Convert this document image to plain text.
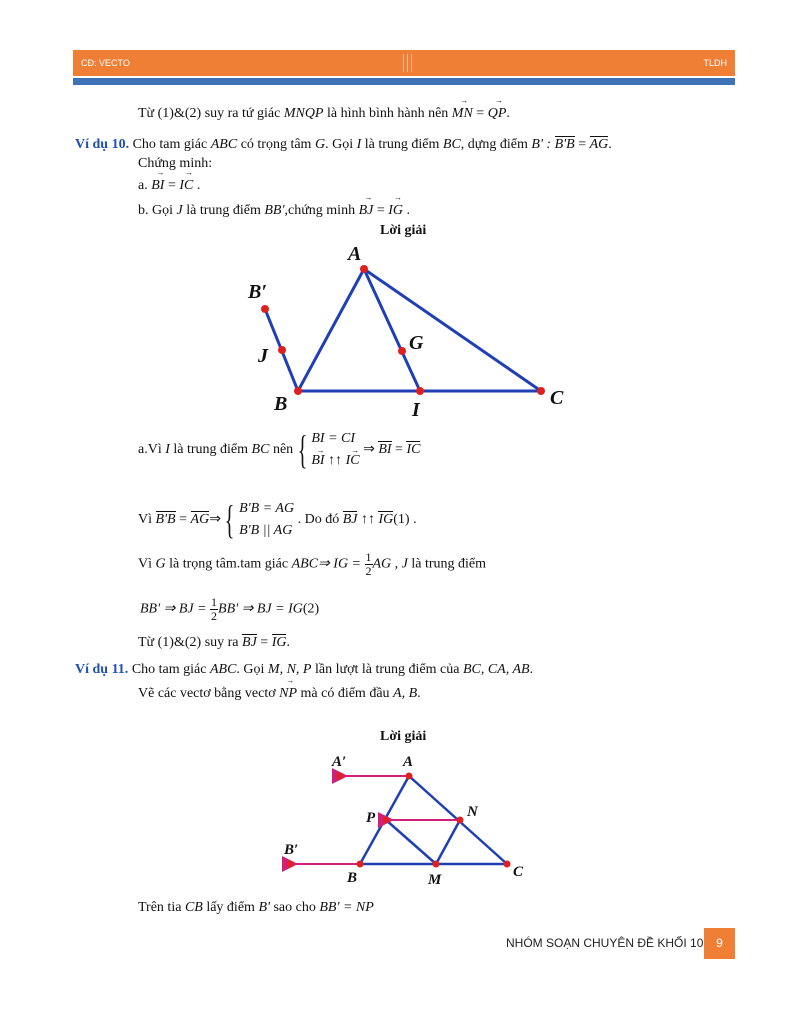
CĐ: VECTO	TLDH
Từ (1)&(2) suy ra tứ giác MNQP là hình bình hành nên MN → = QP →.
Ví dụ 10. Cho tam giác ABC có trọng tâm G. Gọi I là trung điểm BC, dựng điểm B' : B'B = AG.
Chứng minh:
a. BI → = IC → .
b. Gọi J là trung điểm BB',chứng minh BJ → = IG → .
Lời giải
A
B′
J
B	I
C
G
a.Vì I là trung điểm BC nên { BI = CI
BI → ↑↑ IC →
⇒ BI = IC
Vì B'B = AG⇒ { B'B = AG
B'B || AG
. Do đó BJ ↑↑ IG(1) .
Vì G là trọng tâm.tam giác ABC⇒ IG = $\frac{1}{2}$ AG , J là trung điểm
BB' ⇒ BJ = $\frac{1}{2} BB'$ ⇒ BJ = IG(2)
Từ (1)&(2) suy ra BJ = IG.
Ví dụ 11. Cho tam giác ABC. Gọi M, N, P lần lượt là trung điểm của BC, CA, AB.
Vẽ các vectơ bằng vectơ NP → mà có điểm đầu A, B.
Lời giải
A
A′
P	N
B′
B	M	C
Trên tia CB lấy điểm B' sao cho BB' = NP
NHÓM SOẠN CHUYÊN ĐỀ KHỐI 10	9
